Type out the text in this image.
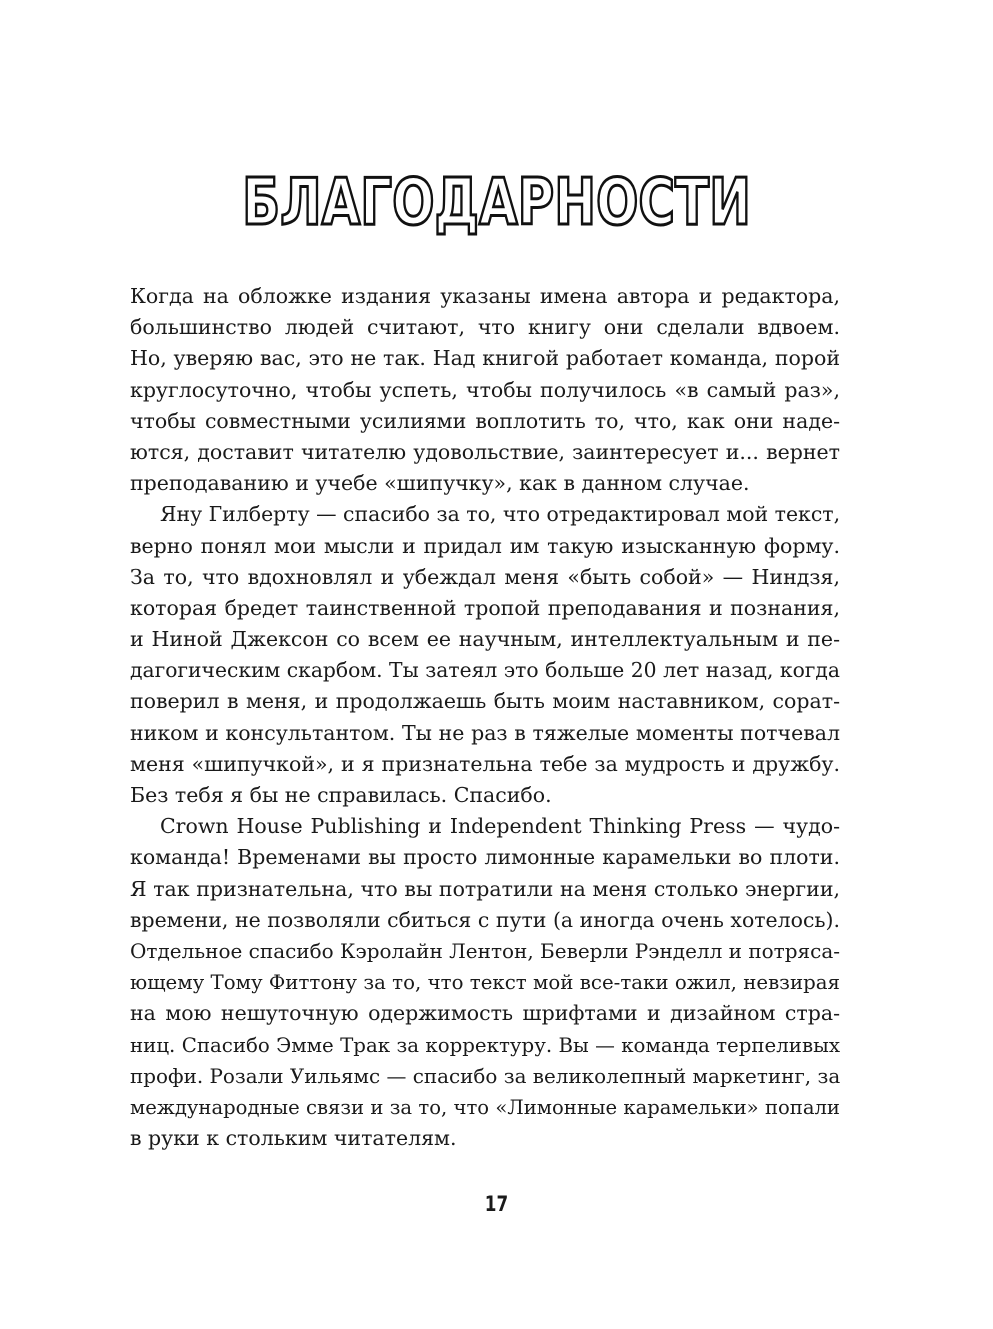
БЛАГОДАРНОСТИ
Когда на обложке издания указаны имена автора и редактора,
большинство людей считают, что книгу они сделали вдвоем.
Но, уверяю вас, это не так. Над книгой работает команда, порой
круглосуточно, чтобы успеть, чтобы получилось «в самый раз»,
чтобы совместными усилиями воплотить то, что, как они наде-
ются, доставит читателю удовольствие, заинтересует и... вернет
преподаванию и учебе «шипучку», как в данном случае.
Яну Гилберту — спасибо за то, что отредактировал мой текст,
верно понял мои мысли и придал им такую изысканную форму.
За то, что вдохновлял и убеждал меня «быть собой» — Ниндзя,
которая бредет таинственной тропой преподавания и познания,
и Ниной Джексон со всем ее научным, интеллектуальным и пе-
дагогическим скарбом. Ты затеял это больше 20 лет назад, когда
поверил в меня, и продолжаешь быть моим наставником, сорат-
ником и консультантом. Ты не раз в тяжелые моменты потчевал
меня «шипучкой», и я признательна тебе за мудрость и дружбу.
Без тебя я бы не справилась. Спасибо.
Crown House Publishing и Independent Thinking Press — чудо-
команда! Временами вы просто лимонные карамельки во плоти.
Я так признательна, что вы потратили на меня столько энергии,
времени, не позволяли сбиться с пути (а иногда очень хотелось).
Отдельное спасибо Кэролайн Лентон, Беверли Рэнделл и потряса-
ющему Тому Фиттону за то, что текст мой все-таки ожил, невзирая
на мою нешуточную одержимость шрифтами и дизайном стра-
ниц. Спасибо Эмме Трак за корректуру. Вы — команда терпеливых
профи. Розали Уильямс — спасибо за великолепный маркетинг, за
международные связи и за то, что «Лимонные карамельки» попали
в руки к стольким читателям.
17
